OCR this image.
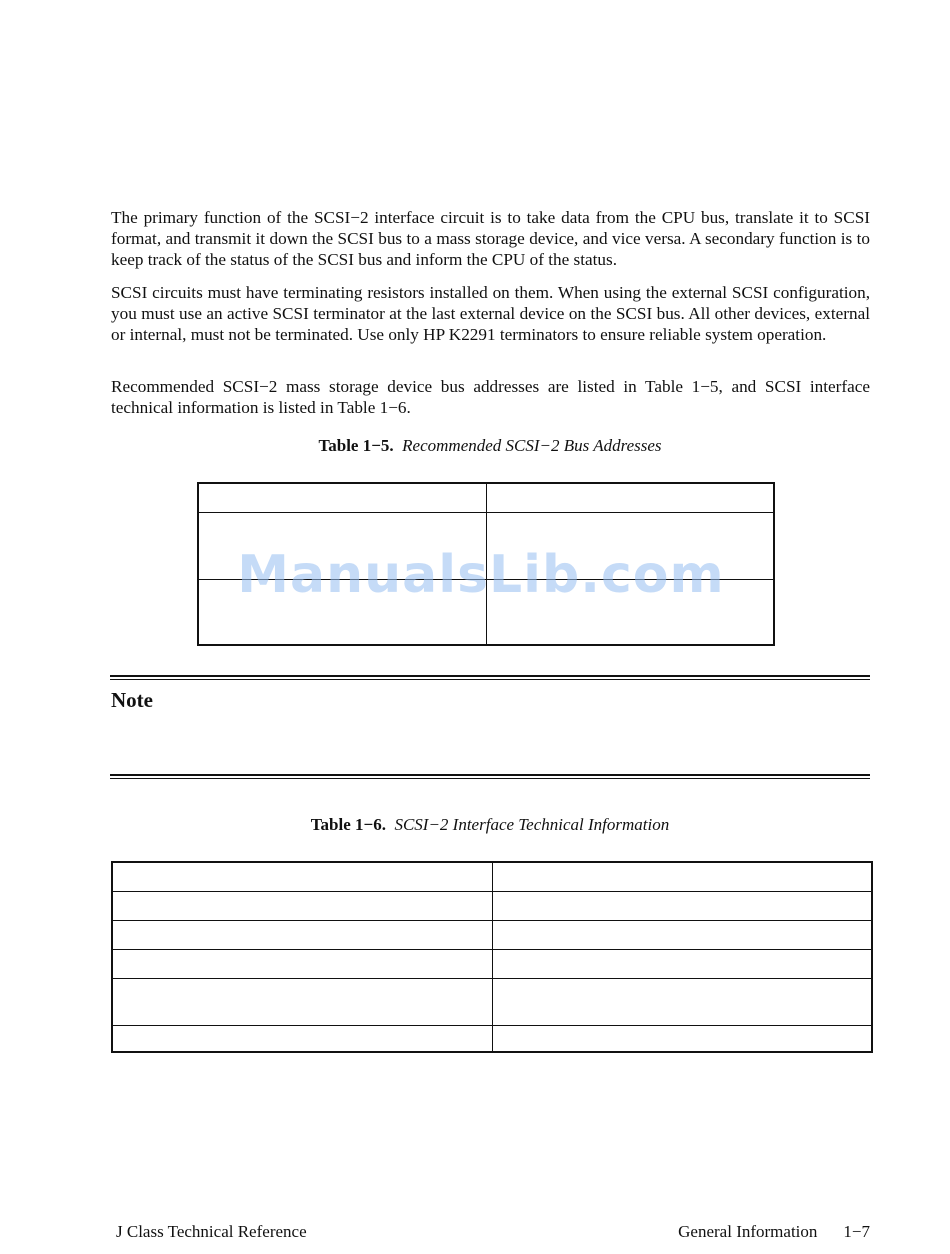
The primary function of the SCSI−2 interface circuit is to take data from the CPU bus, translate it to SCSI format, and transmit it down the SCSI bus to a mass storage device, and vice versa. A secondary function is to keep track of the status of the SCSI bus and inform the CPU of the status.

SCSI circuits must have terminating resistors installed on them. When using the external SCSI configuration, you must use an active SCSI terminator at the last external device on the SCSI bus. All other devices, external or internal, must not be terminated. Use only HP K2291 terminators to ensure reliable system operation.

Recommended SCSI−2 mass storage device bus addresses are listed in Table 1−5, and SCSI interface technical information is listed in Table 1−6.

Table 1−5. Recommended SCSI−2 Bus Addresses

ManualsLib.com
Note
Table 1−6. SCSI−2 Interface Technical Information

J Class Technical Reference	General Information 1−7
